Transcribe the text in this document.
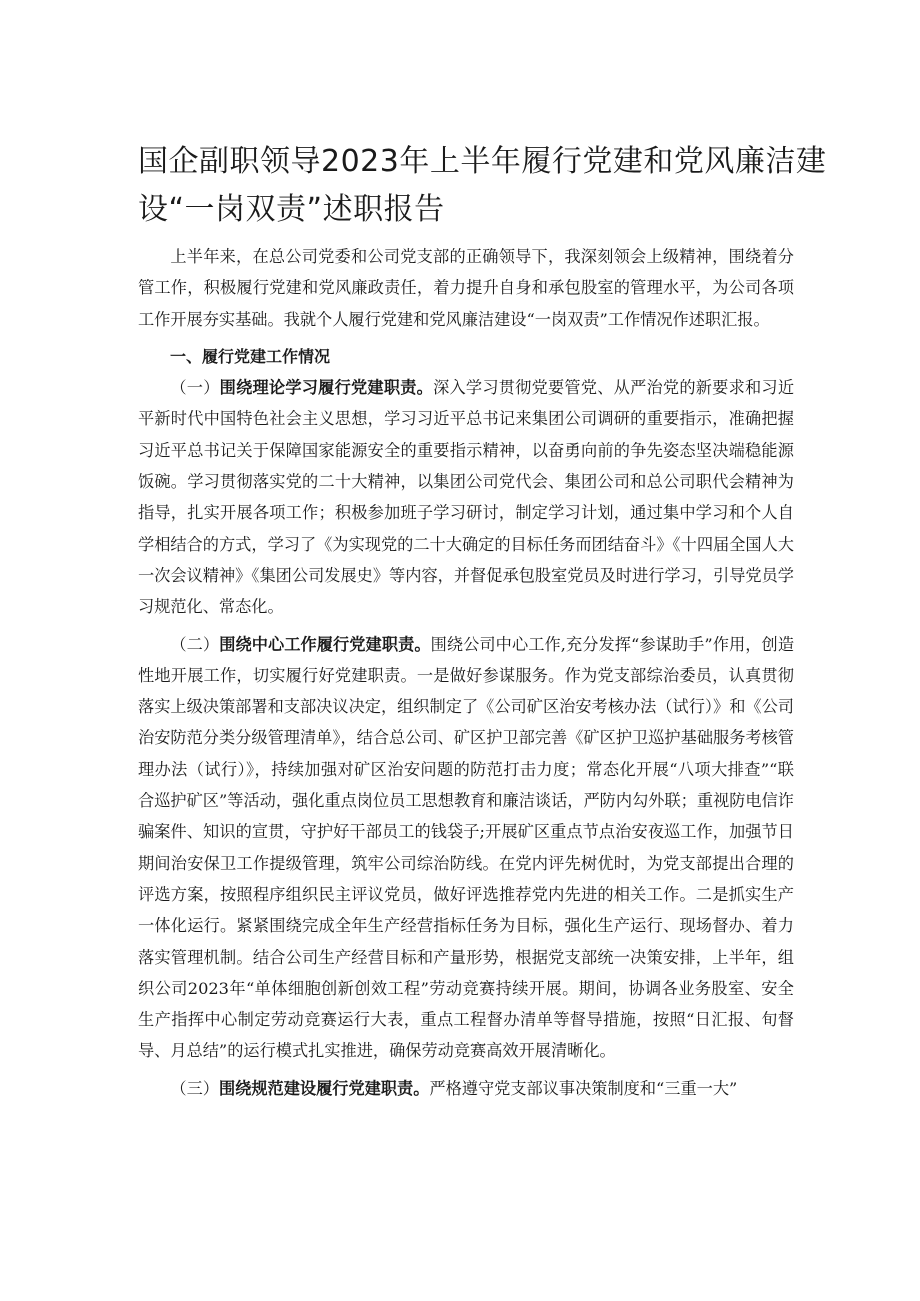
国企副职领导2023年上半年履行党建和党风廉洁建
设“一岗双责”述职报告

上半年来，在总公司党委和公司党支部的正确领导下，我深刻领会上级精神，围绕着分管工作，积极履行党建和党风廉政责任，着力提升自身和承包股室的管理水平，为公司各项工作开展夯实基础。我就个人履行党建和党风廉洁建设“一岗双责”工作情况作述职汇报。

一、履行党建工作情况

（一）围绕理论学习履行党建职责。深入学习贯彻党要管党、从严治党的新要求和习近平新时代中国特色社会主义思想，学习习近平总书记来集团公司调研的重要指示，准确把握习近平总书记关于保障国家能源安全的重要指示精神，以奋勇向前的争先姿态坚决端稳能源饭碗。学习贯彻落实党的二十大精神，以集团公司党代会、集团公司和总公司职代会精神为指导，扎实开展各项工作；积极参加班子学习研讨，制定学习计划，通过集中学习和个人自学相结合的方式，学习了《为实现党的二十大确定的目标任务而团结奋斗》《十四届全国人大一次会议精神》《集团公司发展史》等内容，并督促承包股室党员及时进行学习，引导党员学习规范化、常态化。

（二）围绕中心工作履行党建职责。围绕公司中心工作,充分发挥“参谋助手”作用，创造性地开展工作，切实履行好党建职责。一是做好参谋服务。作为党支部综治委员，认真贯彻落实上级决策部署和支部决议决定，组织制定了《公司矿区治安考核办法（试行）》和《公司治安防范分类分级管理清单》，结合总公司、矿区护卫部完善《矿区护卫巡护基础服务考核管理办法（试行）》，持续加强对矿区治安问题的防范打击力度；常态化开展“八项大排查”“联合巡护矿区”等活动，强化重点岗位员工思想教育和廉洁谈话，严防内勾外联；重视防电信诈骗案件、知识的宣贯，守护好干部员工的钱袋子;开展矿区重点节点治安夜巡工作，加强节日期间治安保卫工作提级管理，筑牢公司综治防线。在党内评先树优时，为党支部提出合理的评选方案，按照程序组织民主评议党员，做好评选推荐党内先进的相关工作。二是抓实生产一体化运行。紧紧围绕完成全年生产经营指标任务为目标，强化生产运行、现场督办、着力落实管理机制。结合公司生产经营目标和产量形势，根据党支部统一决策安排，上半年，组织公司2023年“单体细胞创新创效工程”劳动竞赛持续开展。期间，协调各业务股室、安全生产指挥中心制定劳动竞赛运行大表，重点工程督办清单等督导措施，按照“日汇报、旬督导、月总结”的运行模式扎实推进，确保劳动竞赛高效开展清晰化。

（三）围绕规范建设履行党建职责。严格遵守党支部议事决策制度和“三重一大”
